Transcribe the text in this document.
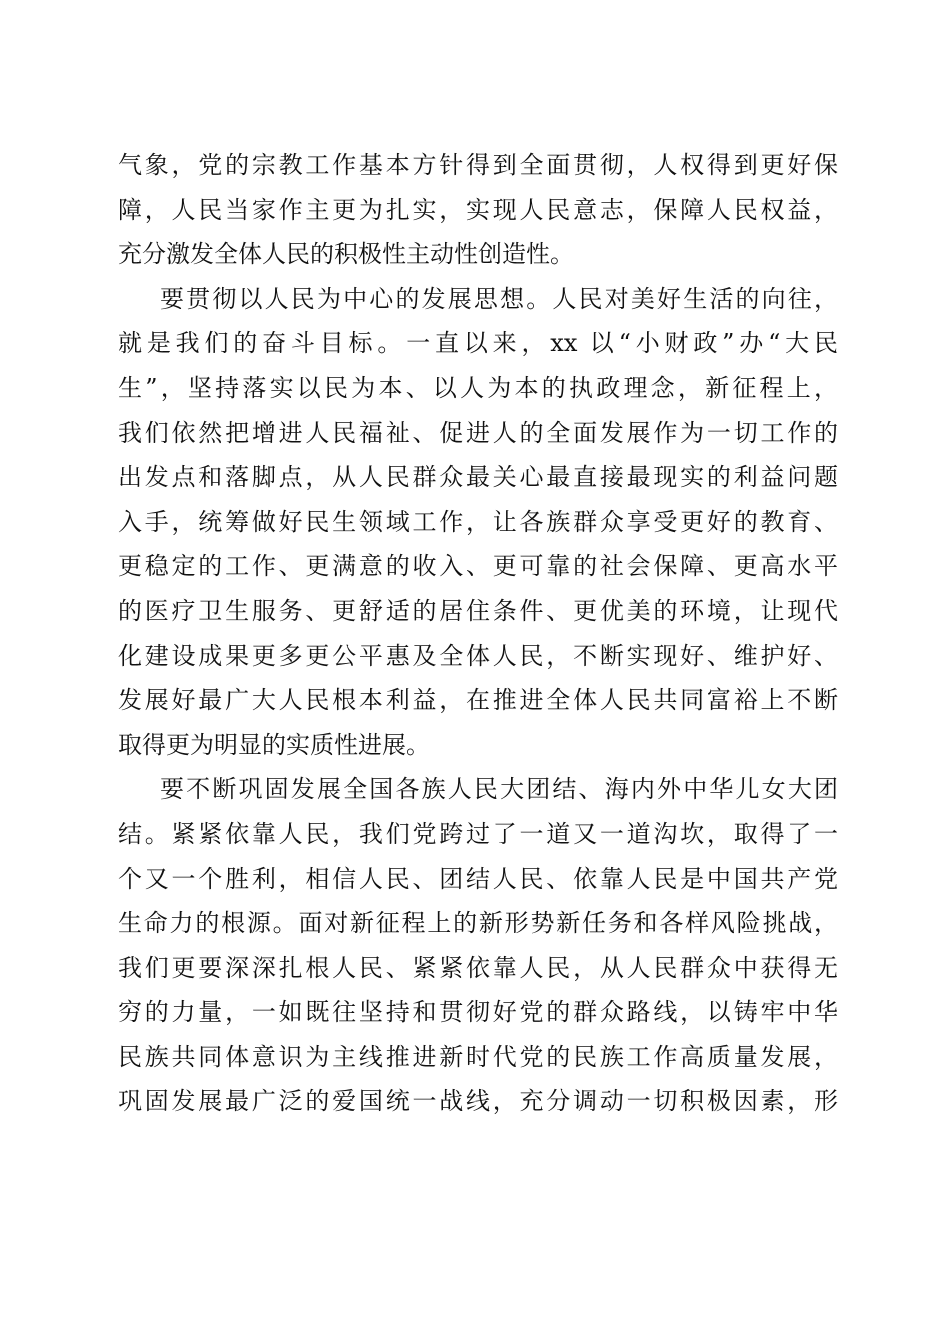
气象，党的宗教工作基本方针得到全面贯彻，人权得到更好保
障，人民当家作主更为扎实，实现人民意志，保障人民权益，
充分激发全体人民的积极性主动性创造性。
要贯彻以人民为中心的发展思想。人民对美好生活的向往，
就是我们的奋斗目标。一直以来，xx 以“小财政”办“大民
生”，坚持落实以民为本、以人为本的执政理念，新征程上，
我们依然把增进人民福祉、促进人的全面发展作为一切工作的
出发点和落脚点，从人民群众最关心最直接最现实的利益问题
入手，统筹做好民生领域工作，让各族群众享受更好的教育、
更稳定的工作、更满意的收入、更可靠的社会保障、更高水平
的医疗卫生服务、更舒适的居住条件、更优美的环境，让现代
化建设成果更多更公平惠及全体人民，不断实现好、维护好、
发展好最广大人民根本利益，在推进全体人民共同富裕上不断
取得更为明显的实质性进展。
要不断巩固发展全国各族人民大团结、海内外中华儿女大团
结。紧紧依靠人民，我们党跨过了一道又一道沟坎，取得了一
个又一个胜利，相信人民、团结人民、依靠人民是中国共产党
生命力的根源。面对新征程上的新形势新任务和各样风险挑战，
我们更要深深扎根人民、紧紧依靠人民，从人民群众中获得无
穷的力量，一如既往坚持和贯彻好党的群众路线，以铸牢中华
民族共同体意识为主线推进新时代党的民族工作高质量发展，
巩固发展最广泛的爱国统一战线，充分调动一切积极因素，形
